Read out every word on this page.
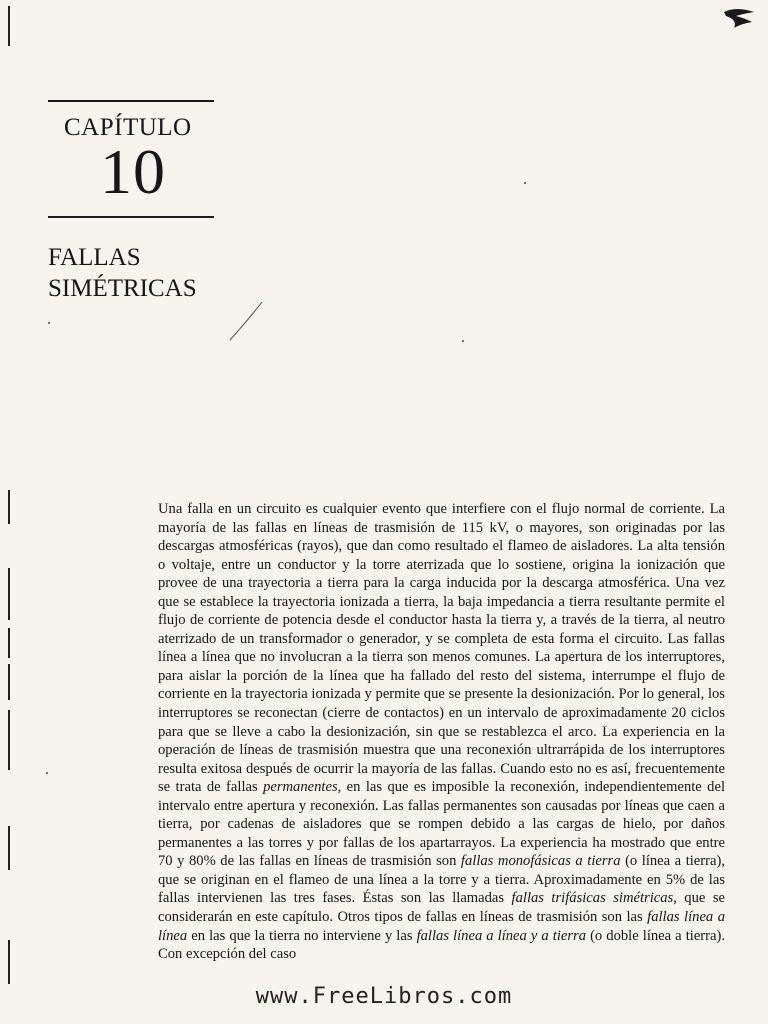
CAPÍTULO
10
FALLAS
SIMÉTRICAS

Una falla en un circuito es cualquier evento que interfiere con el flujo normal de corriente. La mayoría de las fallas en líneas de trasmisión de 115 kV, o mayores, son originadas por las descargas atmosféricas (rayos), que dan como resultado el flameo de aisladores. La alta tensión o voltaje, entre un conductor y la torre aterrizada que lo sostiene, origina la ionización que provee de una trayectoria a tierra para la carga inducida por la descarga atmosférica. Una vez que se establece la trayectoria ionizada a tierra, la baja impedancia a tierra resultante permite el flujo de corriente de potencia desde el conductor hasta la tierra y, a través de la tierra, al neutro aterrizado de un transformador o generador, y se completa de esta forma el circuito. Las fallas línea a línea que no involucran a la tierra son menos comunes. La apertura de los interruptores, para aislar la porción de la línea que ha fallado del resto del sistema, interrumpe el flujo de corriente en la trayectoria ionizada y permite que se presente la desionización. Por lo general, los interruptores se reconectan (cierre de contactos) en un intervalo de aproximadamente 20 ciclos para que se lleve a cabo la desionización, sin que se restablezca el arco. La experiencia en la operación de líneas de trasmisión muestra que una reconexión ultrarrápida de los interruptores resulta exitosa después de ocurrir la mayoría de las fallas. Cuando esto no es así, frecuentemente se trata de fallas permanentes, en las que es imposible la reconexión, independientemente del intervalo entre apertura y reconexión. Las fallas permanentes son causadas por líneas que caen a tierra, por cadenas de aisladores que se rompen debido a las cargas de hielo, por daños permanentes a las torres y por fallas de los apartarrayos. La experiencia ha mostrado que entre 70 y 80% de las fallas en líneas de trasmisión son fallas monofásicas a tierra (o línea a tierra), que se originan en el flameo de una línea a la torre y a tierra. Aproximadamente en 5% de las fallas intervienen las tres fases. Éstas son las llamadas fallas trifásicas simétricas, que se considerarán en este capítulo. Otros tipos de fallas en líneas de trasmisión son las fallas línea a línea en las que la tierra no interviene y las fallas línea a línea y a tierra (o doble línea a tierra). Con excepción del caso

www.FreeLibros.com
